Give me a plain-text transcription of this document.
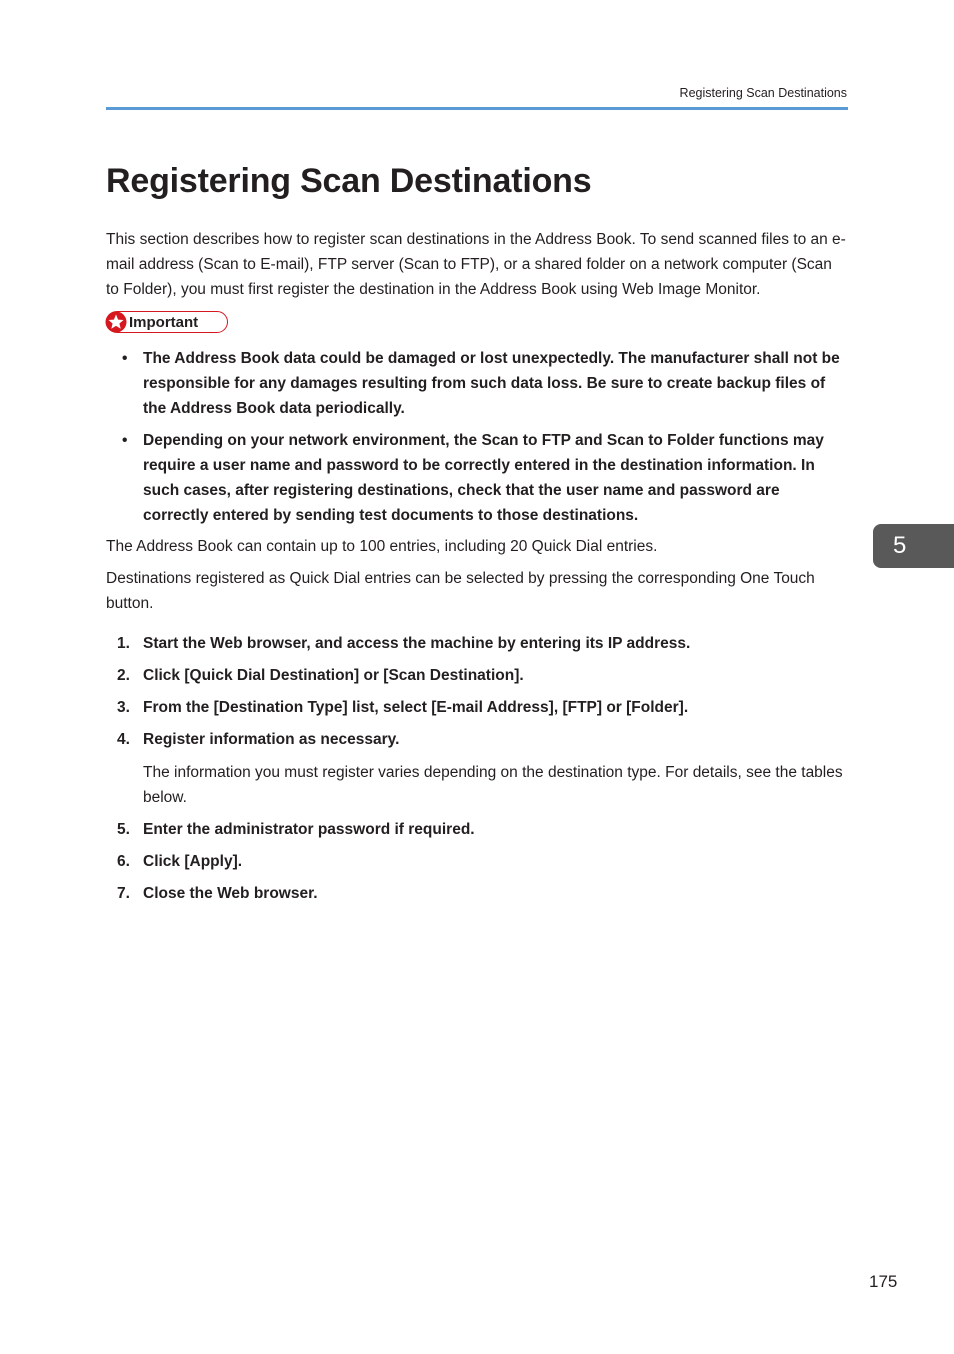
Registering Scan Destinations
Registering Scan Destinations

This section describes how to register scan destinations in the Address Book. To send scanned files to an e-mail address (Scan to E-mail), FTP server (Scan to FTP), or a shared folder on a network computer (Scan to Folder), you must first register the destination in the Address Book using Web Image Monitor.

Important
• The Address Book data could be damaged or lost unexpectedly. The manufacturer shall not be responsible for any damages resulting from such data loss. Be sure to create backup files of the Address Book data periodically.
• Depending on your network environment, the Scan to FTP and Scan to Folder functions may require a user name and password to be correctly entered in the destination information. In such cases, after registering destinations, check that the user name and password are correctly entered by sending test documents to those destinations.

The Address Book can contain up to 100 entries, including 20 Quick Dial entries.

Destinations registered as Quick Dial entries can be selected by pressing the corresponding One Touch button.

5
1. Start the Web browser, and access the machine by entering its IP address.
2. Click [Quick Dial Destination] or [Scan Destination].
3. From the [Destination Type] list, select [E-mail Address], [FTP] or [Folder].
4. Register information as necessary.

The information you must register varies depending on the destination type. For details, see the tables below.

5. Enter the administrator password if required.
6. Click [Apply].
7. Close the Web browser.
175
